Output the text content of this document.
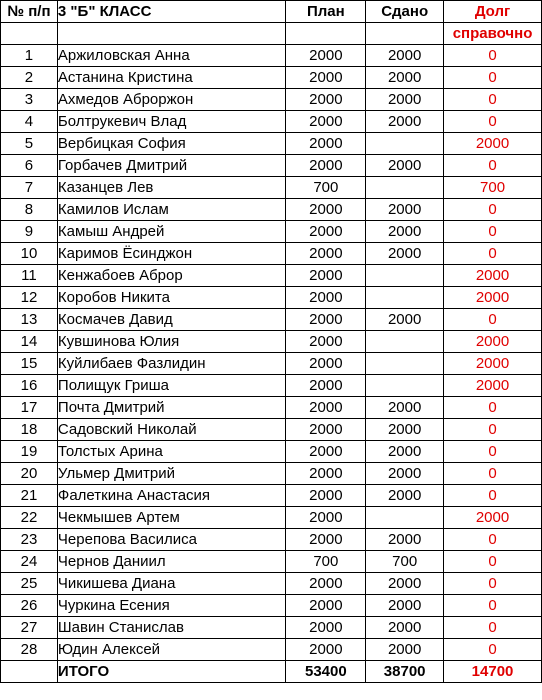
№ п/п	3 "Б" КЛАСС	План	Сдано	Долг
				справочно
1	Аржиловская Анна	2000	2000	0
2	Астанина Кристина	2000	2000	0
3	Ахмедов Аброржон	2000	2000	0
4	Болтрукевич Влад	2000	2000	0
5	Вербицкая София	2000		2000
6	Горбачев Дмитрий	2000	2000	0
7	Казанцев Лев	700		700
8	Камилов Ислам	2000	2000	0
9	Камыш Андрей	2000	2000	0
10	Каримов Ёсинджон	2000	2000	0
11	Кенжабоев Аброр	2000		2000
12	Коробов Никита	2000		2000
13	Космачев Давид	2000	2000	0
14	Кувшинова Юлия	2000		2000
15	Куйлибаев Фазлидин	2000		2000
16	Полищук Гриша	2000		2000
17	Почта Дмитрий	2000	2000	0
18	Садовский Николай	2000	2000	0
19	Толстых Арина	2000	2000	0
20	Ульмер Дмитрий	2000	2000	0
21	Фалеткина Анастасия	2000	2000	0
22	Чекмышев Артем	2000		2000
23	Черепова Василиса	2000	2000	0
24	Чернов Даниил	700	700	0
25	Чикишева Диана	2000	2000	0
26	Чуркина Есения	2000	2000	0
27	Шавин Станислав	2000	2000	0
28	Юдин Алексей	2000	2000	0
	ИТОГО	53400	38700	14700
